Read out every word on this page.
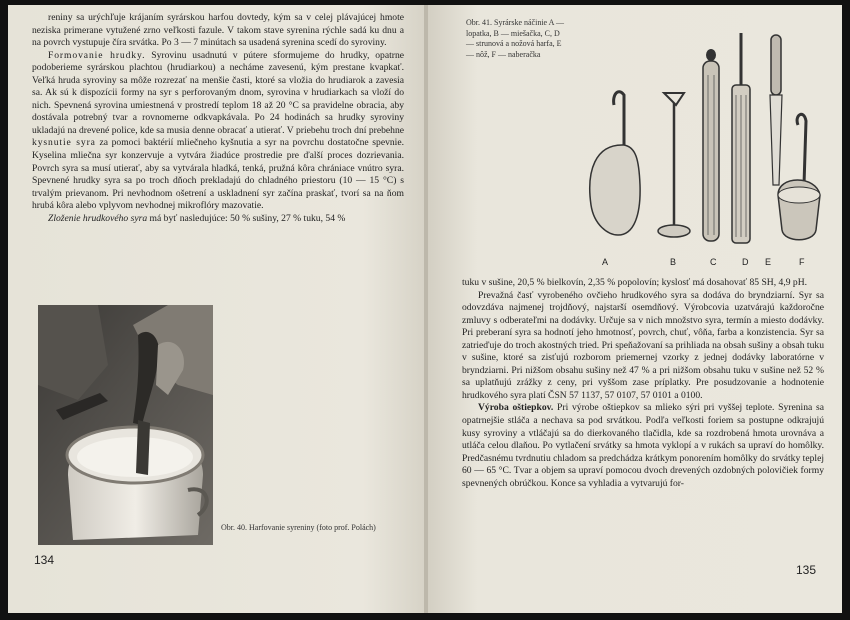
reniny sa urýchľuje krájaním syrárskou harfou dovtedy, kým sa v celej plávajúcej hmote neziska primerane vytužené zrno veľkosti fazule. V takom stave syrenina rýchle sadá ku dnu a na povrch vystupuje číra srvátka. Po 3 — 7 minútach sa usadená syrenina scedí do syroviny.

Formovanie hrudky. Syrovinu usadnutú v pútere sformujeme do hrudky, opatrne podoberieme syrárskou plachtou (hrudiarkou) a necháme zavesenú, kým prestane kvapkať. Veľká hruda syroviny sa môže rozrezať na menšie časti, ktoré sa vložia do hrudiarok a zavesia sa. Ak sú k dispozícii formy na syr s perforovaným dnom, syrovina v hrudiarkach sa vloží do nich. Spevnená syrovina umiestnená v prostredí teplom 18 až 20 °C sa pravidelne obracia, aby dostávala potrebný tvar a rovnomerne odkvapkávala. Po 24 hodinách sa hrudky syroviny ukladajú na drevené police, kde sa musia denne obracať a utierať. V priebehu troch dní prebehne kysnutie syra za pomoci baktérií mliečneho kyšnutia a syr na povrchu dostatočne spevnie. Kyselina mliečna syr konzervuje a vytvára žiadúce prostredie pre ďalší proces dozrievania. Povrch syra sa musí utierať, aby sa vytvárala hladká, tenká, pružná kôra chrániace vnútro syra. Spevnené hrudky syra sa po troch dňoch prekladajú do chladného priestoru (10 — 15 °C) s trvalým prievanom. Pri nevhodnom ošetrení a uskladnení syr začína praskať, tvorí sa na ňom hrubá kôra alebo vplyvom nevhodnej mikroflóry mazovatie.

Zloženie hrudkového syra má byť nasledujúce: 50 % sušiny, 27 % tuku, 54 %

Obr. 40. Harfovanie syreniny (foto prof. Polách)
134
Obr. 41. Syrárske náčinie A — lopatka, B — miešačka, C, D — strunová a nožová harfa, E — nôž, F — naberačka
A	B	C	D E	F

tuku v sušine, 20,5 % bielkovín, 2,35 % popolovín; kyslosť má dosahovať 85 SH, 4,9 pH.

Prevažná časť vyrobeného ovčieho hrudkového syra sa dodáva do bryndziarní. Syr sa odovzdáva najmenej trojdňový, najstarší osemdňový. Výrobcovia uzatvárajú každoročne zmluvy s odberateľmi na dodávky. Určuje sa v nich množstvo syra, termín a miesto dodávky. Pri preberaní syra sa hodnotí jeho hmotnosť, povrch, chuť, vôňa, farba a konzistencia. Syr sa zatrieďuje do troch akostných tried. Pri speňažovaní sa prihliada na obsah sušiny a obsah tuku v sušine, ktoré sa zisťujú rozborom priemernej vzorky z jednej dodávky laboratórne v bryndziarni. Pri nižšom obsahu sušiny než 47 % a pri nižšom obsahu tuku v sušine než 52 % sa uplatňujú zrážky z ceny, pri vyššom zase príplatky. Pre posudzovanie a hodnotenie hrudkového syra platí ČSN 57 1137, 57 0107, 57 0101 a 0100.

Výroba oštiepkov. Pri výrobe oštiepkov sa mlieko sýri pri vyššej teplote. Syrenina sa opatrnejšie stláča a nechava sa pod srvátkou. Podľa veľkosti foriem sa postupne odkrajujú kusy syroviny a vtláčajú sa do dierkovaného tlačidla, kde sa rozdrobená hmota urovnáva a utláča celou dlaňou. Po vytlačení srvátky sa hmota vyklopí a v rukách sa upraví do homôlky. Predčasnému tvrdnutiu chladom sa predchádza krátkym ponorením homôlky do srvátky teplej 60 — 65 °C. Tvar a objem sa upraví pomocou dvoch drevených ozdobných polovičiek formy spevnených obrúčkou. Konce sa vyhladia a vytvarujú for-

135
